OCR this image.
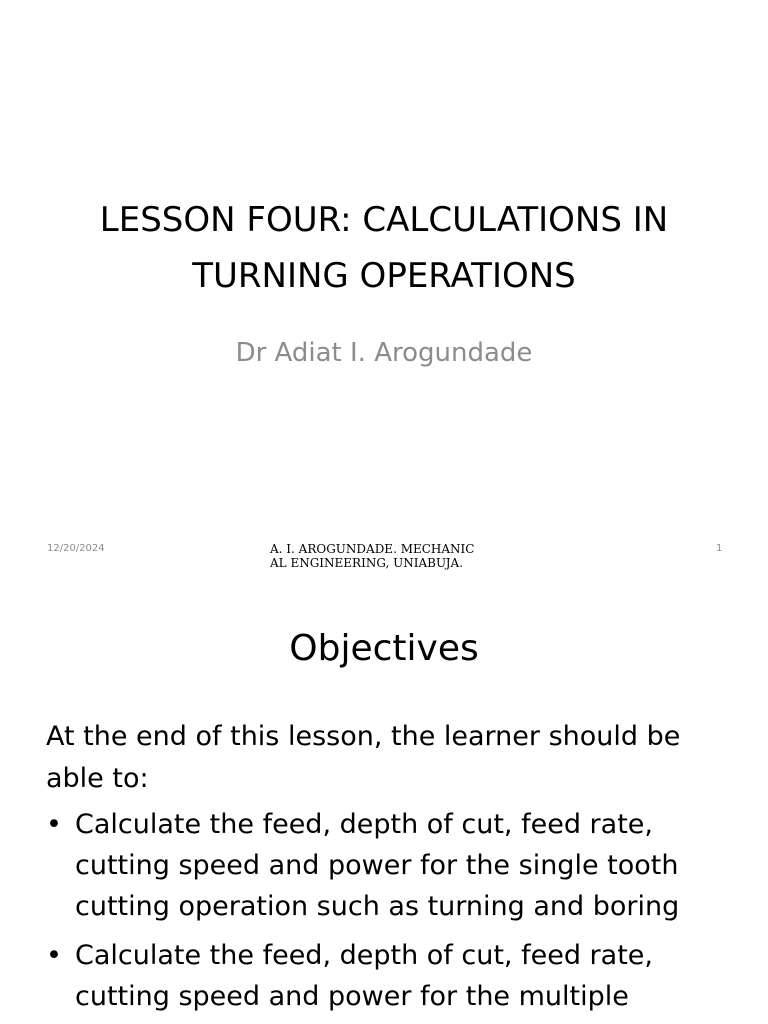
LESSON FOUR: CALCULATIONS IN
TURNING OPERATIONS
Dr Adiat I. Arogundade
12/20/2024	A. I. AROGUNDADE. MECHANIC
AL ENGINEERING, UNIABUJA.
1
Objectives

At the end of this lesson, the learner should be able to:

• Calculate the feed, depth of cut, feed rate, cutting speed and power for the single tooth cutting operation such as turning and boring
• Calculate the feed, depth of cut, feed rate, cutting speed and power for the multiple
